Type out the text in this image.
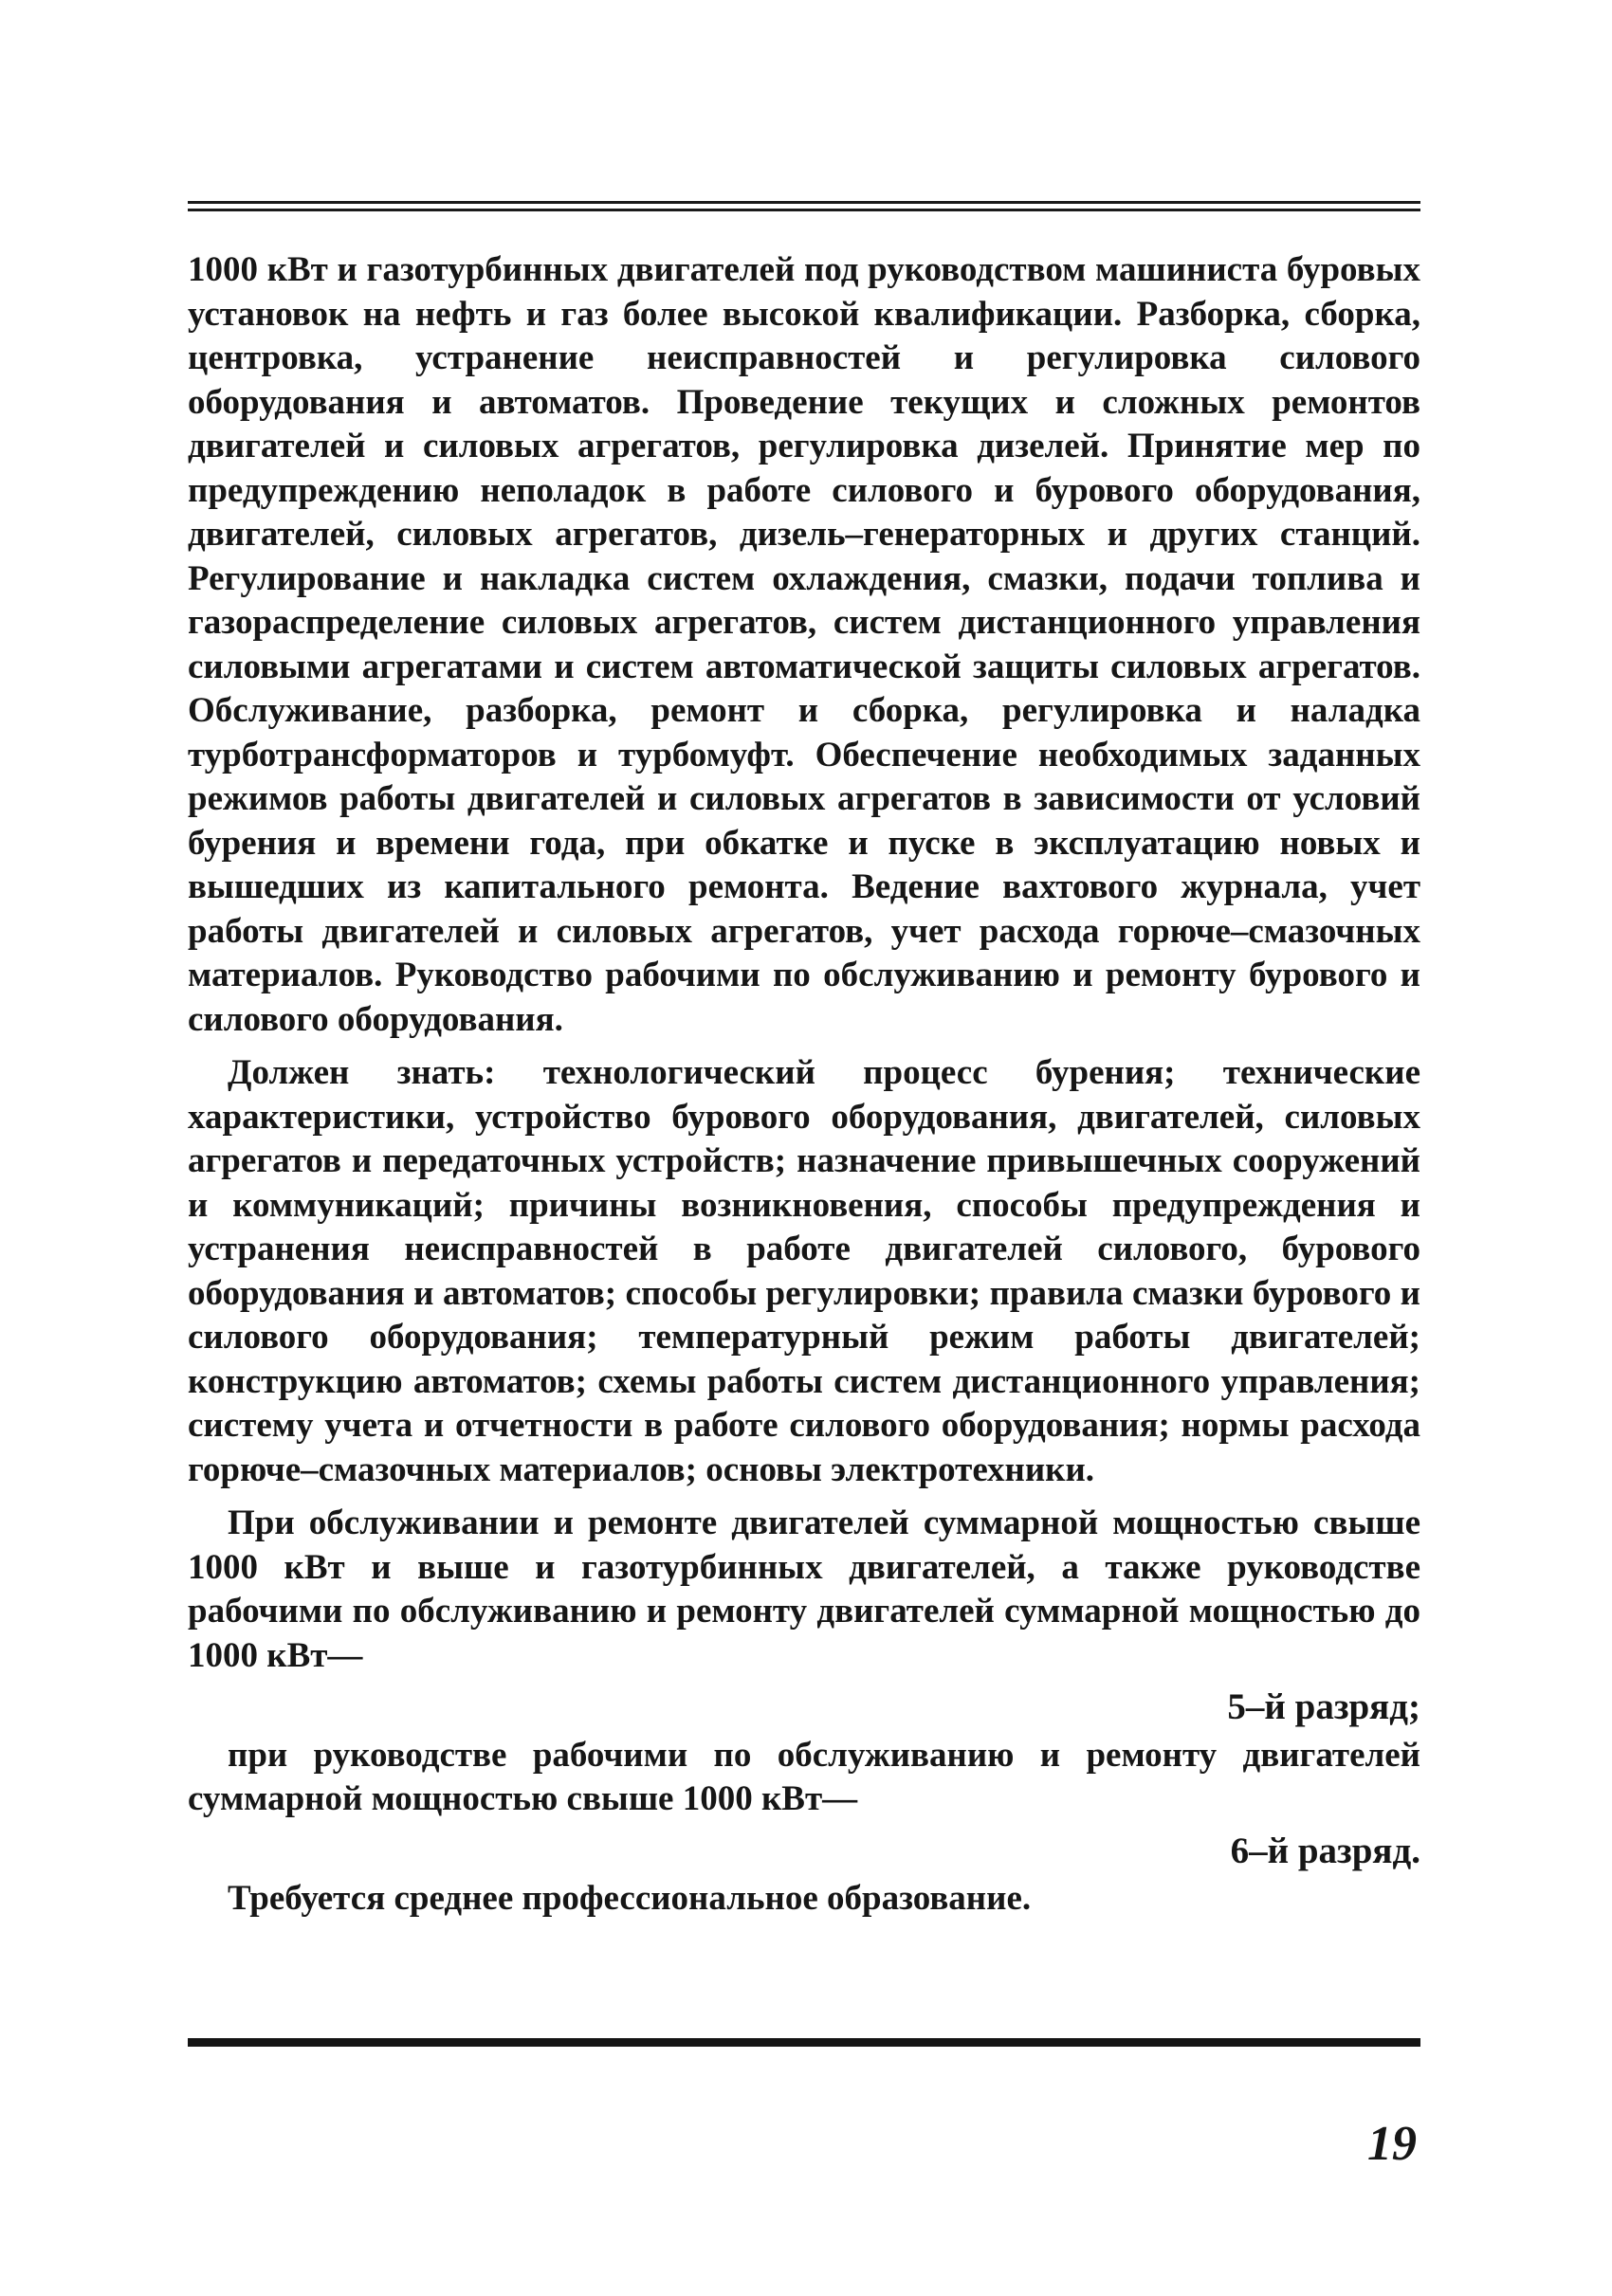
1000 кВт и газотурбинных двигателей под руководством машиниста буровых установок на нефть и газ более высокой квалификации. Разборка, сборка, центровка, устранение неисправностей и регулировка силового оборудования и автоматов. Проведение текущих и сложных ремонтов двигателей и силовых агрегатов, регулировка дизелей. Принятие мер по предупреждению неполадок в работе силового и бурового оборудования, двигателей, силовых агрегатов, дизель–генераторных и других станций. Регулирование и накладка систем охлаждения, смазки, подачи топлива и газораспределение силовых агрегатов, систем дистанционного управления силовыми агрегатами и систем автоматической защиты силовых агрегатов. Обслуживание, разборка, ремонт и сборка, регулировка и наладка турботрансформаторов и турбомуфт. Обеспечение необходимых заданных режимов работы двигателей и силовых агрегатов в зависимости от условий бурения и времени года, при обкатке и пуске в эксплуатацию новых и вышедших из капитального ремонта. Ведение вахтового журнала, учет работы двигателей и силовых агрегатов, учет расхода горюче–смазочных материалов. Руководство рабочими по обслуживанию и ремонту бурового и силового оборудования.

Должен знать: технологический процесс бурения; технические характеристики, устройство бурового оборудования, двигателей, силовых агрегатов и передаточных устройств; назначение привышечных сооружений и коммуникаций; причины возникновения, способы предупреждения и устранения неисправностей в работе двигателей силового, бурового оборудования и автоматов; способы регулировки; правила смазки бурового и силового оборудования; температурный режим работы двигателей; конструкцию автоматов; схемы работы систем дистанционного управления; систему учета и отчетности в работе силового оборудования; нормы расхода горюче–смазочных материалов; основы электротехники.

При обслуживании и ремонте двигателей суммарной мощностью свыше 1000 кВт и выше и газотурбинных двигателей, а также руководстве рабочими по обслуживанию и ремонту двигателей суммарной мощностью до 1000 кВт—

5–й разряд;

при руководстве рабочими по обслуживанию и ремонту двигателей суммарной мощностью свыше 1000 кВт—

6–й разряд.

Требуется среднее профессиональное образование.

19
